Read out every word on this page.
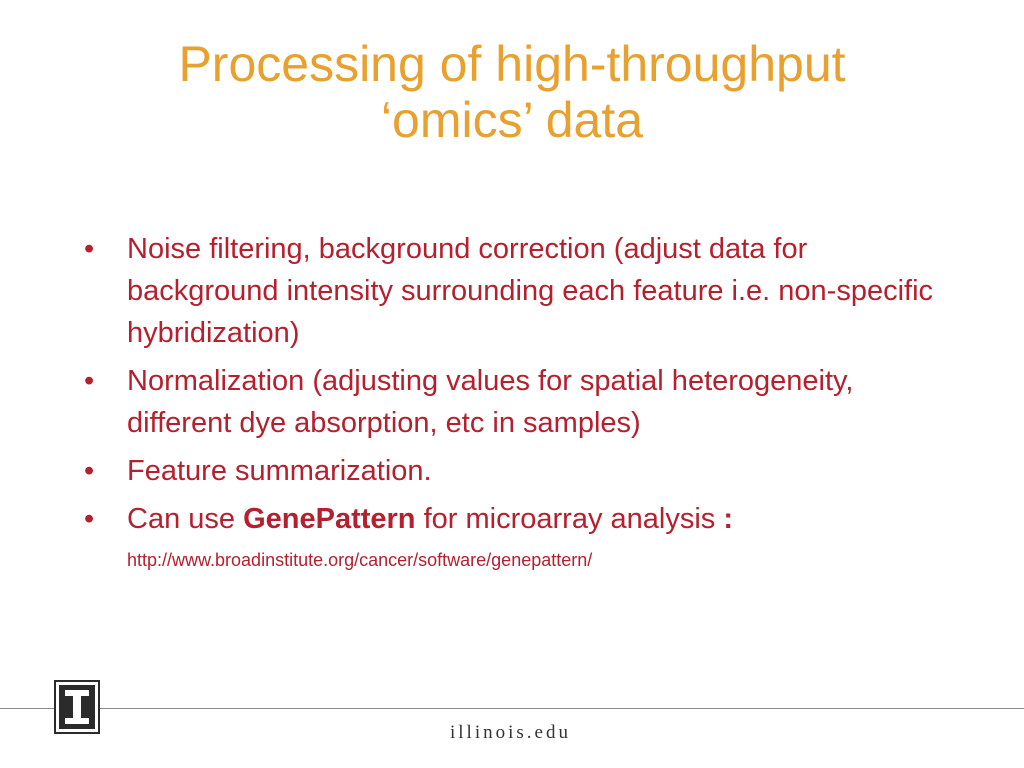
Processing of high-throughput
‘omics’ data
•	Noise filtering, background correction (adjust data for background intensity surrounding each feature i.e. non-specific hybridization)
•	Normalization (adjusting values for spatial heterogeneity, different dye absorption, etc in samples)
•	Feature summarization.
•	Can use GenePattern for microarray analysis :
http://www.broadinstitute.org/cancer/software/genepattern/
illinois.edu
